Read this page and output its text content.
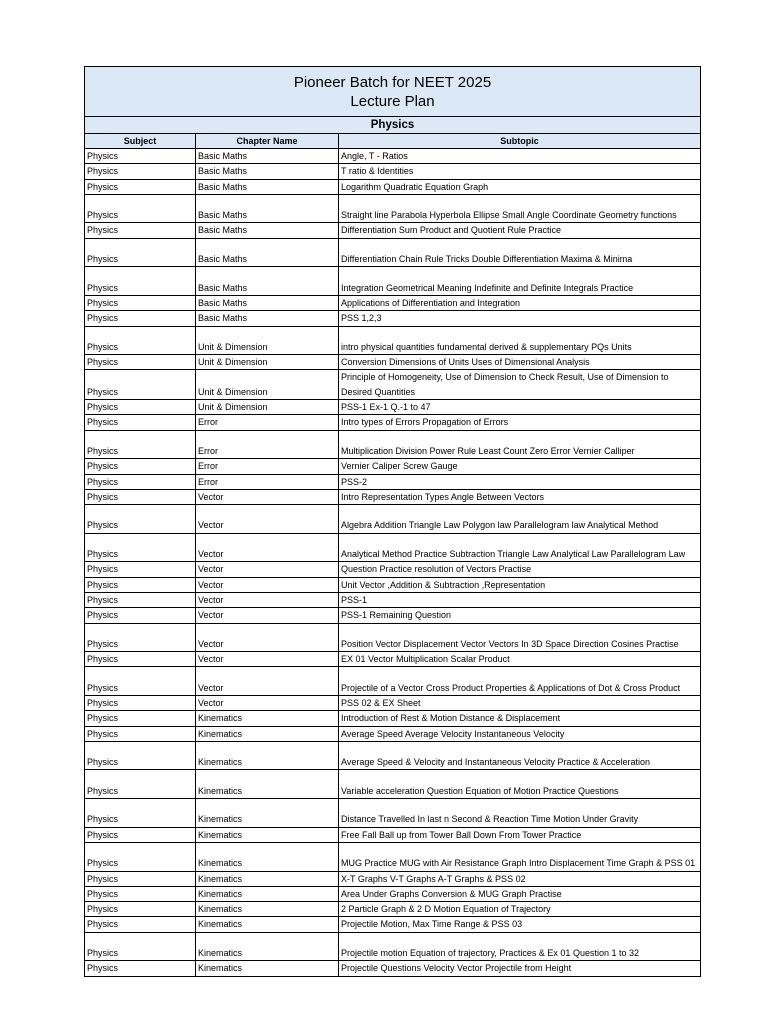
Pioneer Batch for NEET 2025
Lecture Plan		

Physics		
Subject	Chapter Name	Subtopic
Physics	Basic Maths	Angle, T - Ratios
Physics	Basic Maths	T ratio & Identities
Physics	Basic Maths	Logarithm Quadratic Equation Graph
Physics	Basic Maths	Straight line Parabola Hyperbola Ellipse Small Angle Coordinate Geometry functions
Physics	Basic Maths	Differentiation Sum Product and Quotient Rule Practice
Physics	Basic Maths	Differentiation Chain Rule Tricks Double Differentiation Maxima & Minima
Physics	Basic Maths	Integration Geometrical Meaning Indefinite and Definite Integrals Practice
Physics	Basic Maths	Applications of Differentiation and Integration
Physics	Basic Maths	PSS 1,2,3
Physics	Unit & Dimension	intro physical quantities fundamental derived & supplementary PQs Units
Physics	Unit & Dimension	Conversion Dimensions of Units Uses of Dimensional Analysis
Physics	Unit & Dimension	Principle of Homogeneity, Use of Dimension to Check Result, Use of Dimension to Desired Quantities
Physics	Unit & Dimension	PSS-1 Ex-1 Q.-1 to 47
Physics	Error	Intro types of Errors Propagation of Errors
Physics	Error	Multiplication Division Power Rule Least Count Zero Error Vernier Calliper
Physics	Error	Vernier Caliper Screw Gauge
Physics	Error	PSS-2
Physics	Vector	Intro Representation Types Angle Between Vectors
Physics	Vector	Algebra Addition Triangle Law Polygon law Parallelogram law Analytical Method
Physics	Vector	Analytical Method Practice Subtraction Triangle Law Analytical Law Parallelogram Law
Physics	Vector	Question Practice resolution of Vectors Practise
Physics	Vector	Unit Vector ,Addition & Subtraction ,Representation
Physics	Vector	PSS-1
Physics	Vector	PSS-1 Remaining Question
Physics	Vector	Position Vector Displacement Vector Vectors In 3D Space Direction Cosines Practise
Physics	Vector	EX 01 Vector Multiplication Scalar Product
Physics	Vector	Projectile of a Vector Cross Product Properties & Applications of Dot & Cross Product
Physics	Vector	PSS 02 & EX Sheet
Physics	Kinematics	Introduction of Rest & Motion Distance & Displacement
Physics	Kinematics	Average Speed Average Velocity Instantaneous Velocity
Physics	Kinematics	Average Speed & Velocity and Instantaneous Velocity Practice & Acceleration
Physics	Kinematics	Variable acceleration Question Equation of Motion Practice Questions
Physics	Kinematics	Distance Travelled In last n Second & Reaction Time Motion Under Gravity
Physics	Kinematics	Free Fall Ball up from Tower Ball Down From Tower Practice
Physics	Kinematics	MUG Practice MUG with Air Resistance Graph Intro Displacement Time Graph & PSS 01
Physics	Kinematics	X-T Graphs V-T Graphs A-T Graphs & PSS 02
Physics	Kinematics	Area Under Graphs Conversion & MUG Graph Practise
Physics	Kinematics	2 Particle Graph & 2 D Motion Equation of Trajectory
Physics	Kinematics	Projectile Motion, Max Time Range & PSS 03
Physics	Kinematics	Projectile motion Equation of trajectory, Practices & Ex 01 Question 1 to 32
Physics	Kinematics	Projectile Questions Velocity Vector Projectile from Height
